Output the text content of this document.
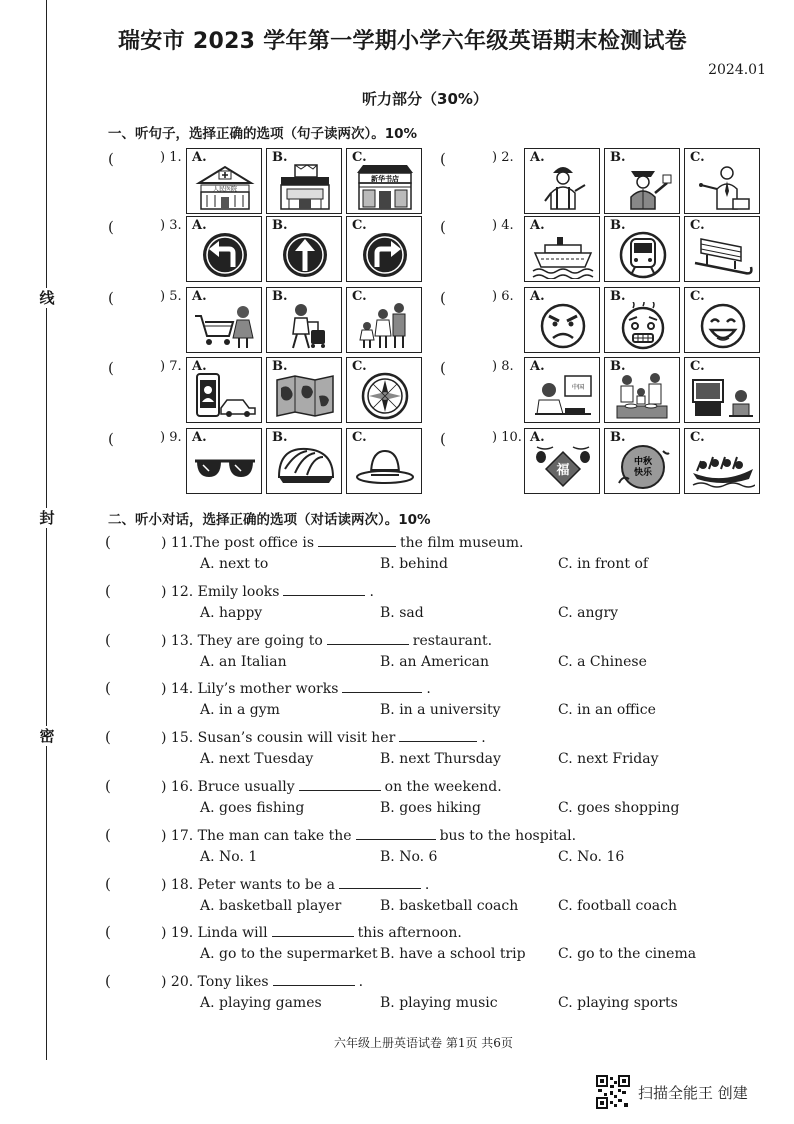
线
封
密
瑞安市 2023 学年第一学期小学六年级英语期末检测试卷
2024.01
听力部分（30%）
一、听句子，选择正确的选项（句子读两次）。10%
(	) 1. A.	B.	C.	(	) 2. A.	B.	C.
(	) 3. A.	B.	C.	(	) 4. A.	B.	C.
(	) 5. A.	B.	C.	(	) 6. A.	B.	C.
(	) 7. A.	B.	C.	(	) 8. A.	B.	C.
(	) 9. A.	B.	C.	(	) 10. A.	B.	C.
二、听小对话，选择正确的选项（对话读两次）。10%
(	) 11.The post office is	the film museum.
A. next to	B. behind	C. in front of
(	) 12. Emily looks	.
A. happy	B. sad	C. angry
(	) 13. They are going to	restaurant.
A. an Italian	B. an American	C. a Chinese
(	) 14. Lily’s mother works	.
A. in a gym	B. in a university	C. in an office
(	) 15. Susan’s cousin will visit her	.
A. next Tuesday	B. next Thursday	C. next Friday
(	) 16. Bruce usually	on the weekend.
A. goes fishing	B. goes hiking	C. goes shopping
(	) 17. The man can take the	bus to the hospital.
A. No. 1	B. No. 6	C. No. 16
(	) 18. Peter wants to be a	.
A. basketball player	B. basketball coach	C. football coach
(	) 19. Linda will	this afternoon.
A. go to the supermarket B. have a school trip C. go to the cinema
(	) 20. Tony likes	.
A. playing games	B. playing music	C. playing sports
六年级上册英语试卷 第1页 共6页
扫描全能王 创建
